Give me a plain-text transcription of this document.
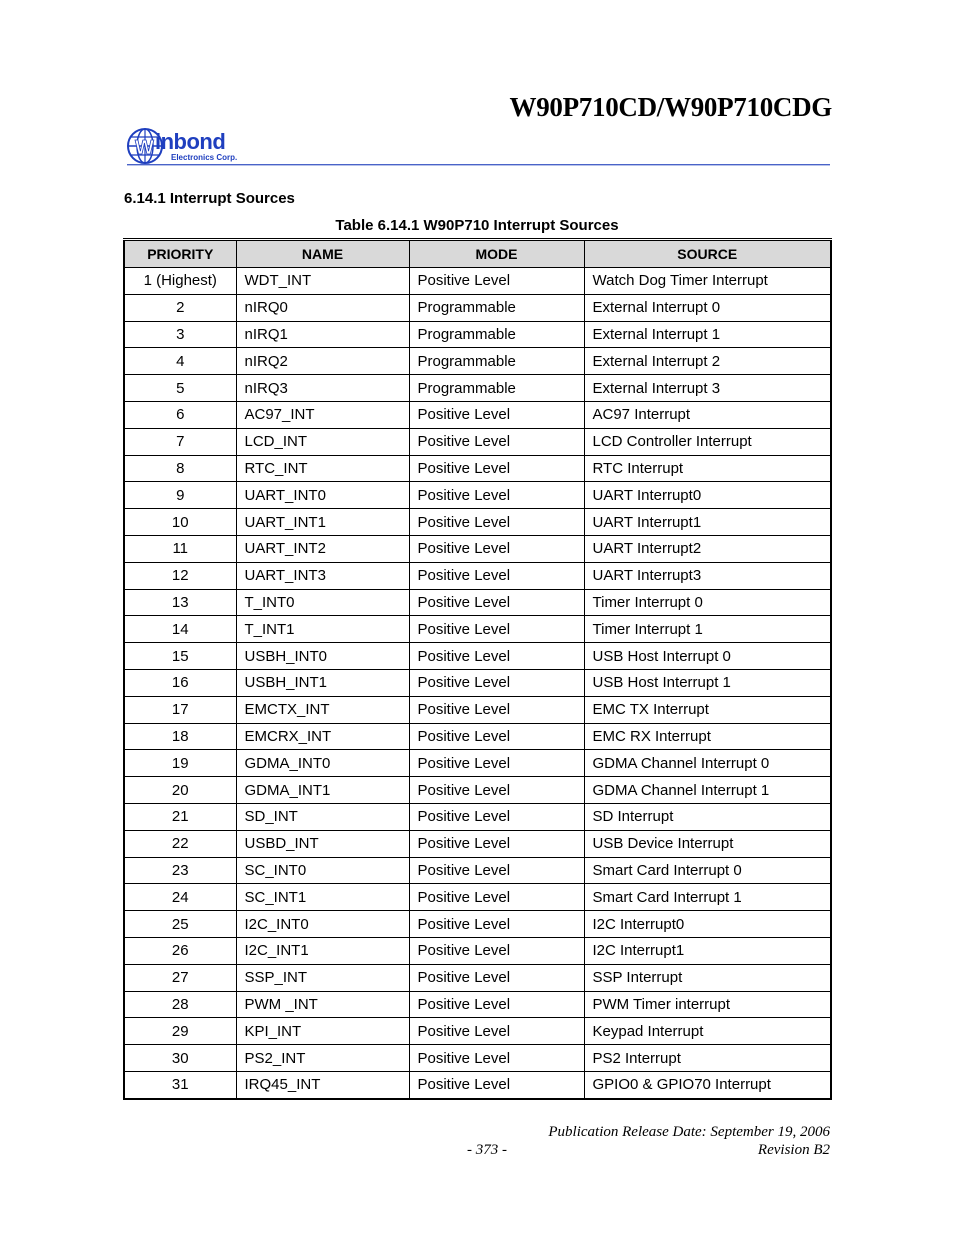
W90P710CD/W90P710CDG
W inbond
Electronics Corp.
6.14.1 Interrupt Sources
Table 6.14.1 W90P710 Interrupt Sources
PRIORITY	NAME	MODE	SOURCE
1 (Highest)	WDT_INT	Positive Level	Watch Dog Timer Interrupt
2	nIRQ0	Programmable	External Interrupt 0
3	nIRQ1	Programmable	External Interrupt 1
4	nIRQ2	Programmable	External Interrupt 2
5	nIRQ3	Programmable	External Interrupt 3
6	AC97_INT	Positive Level	AC97 Interrupt
7	LCD_INT	Positive Level	LCD Controller Interrupt
8	RTC_INT	Positive Level	RTC Interrupt
9	UART_INT0	Positive Level	UART Interrupt0
10	UART_INT1	Positive Level	UART Interrupt1
11	UART_INT2	Positive Level	UART Interrupt2
12	UART_INT3	Positive Level	UART Interrupt3
13	T_INT0	Positive Level	Timer Interrupt 0
14	T_INT1	Positive Level	Timer Interrupt 1
15	USBH_INT0	Positive Level	USB Host Interrupt 0
16	USBH_INT1	Positive Level	USB Host Interrupt 1
17	EMCTX_INT	Positive Level	EMC TX Interrupt
18	EMCRX_INT	Positive Level	EMC RX Interrupt
19	GDMA_INT0	Positive Level	GDMA Channel Interrupt 0
20	GDMA_INT1	Positive Level	GDMA Channel Interrupt 1
21	SD_INT	Positive Level	SD Interrupt
22	USBD_INT	Positive Level	USB Device Interrupt
23	SC_INT0	Positive Level	Smart Card Interrupt 0
24	SC_INT1	Positive Level	Smart Card Interrupt 1
25	I2C_INT0	Positive Level	I2C Interrupt0
26	I2C_INT1	Positive Level	I2C Interrupt1
27	SSP_INT	Positive Level	SSP Interrupt
28	PWM _INT	Positive Level	PWM Timer interrupt
29	KPI_INT	Positive Level	Keypad Interrupt
30	PS2_INT	Positive Level	PS2 Interrupt
31	IRQ45_INT	Positive Level	GPIO0 & GPIO70 Interrupt
Publication Release Date: September 19, 2006
- 373 -	Revision B2
